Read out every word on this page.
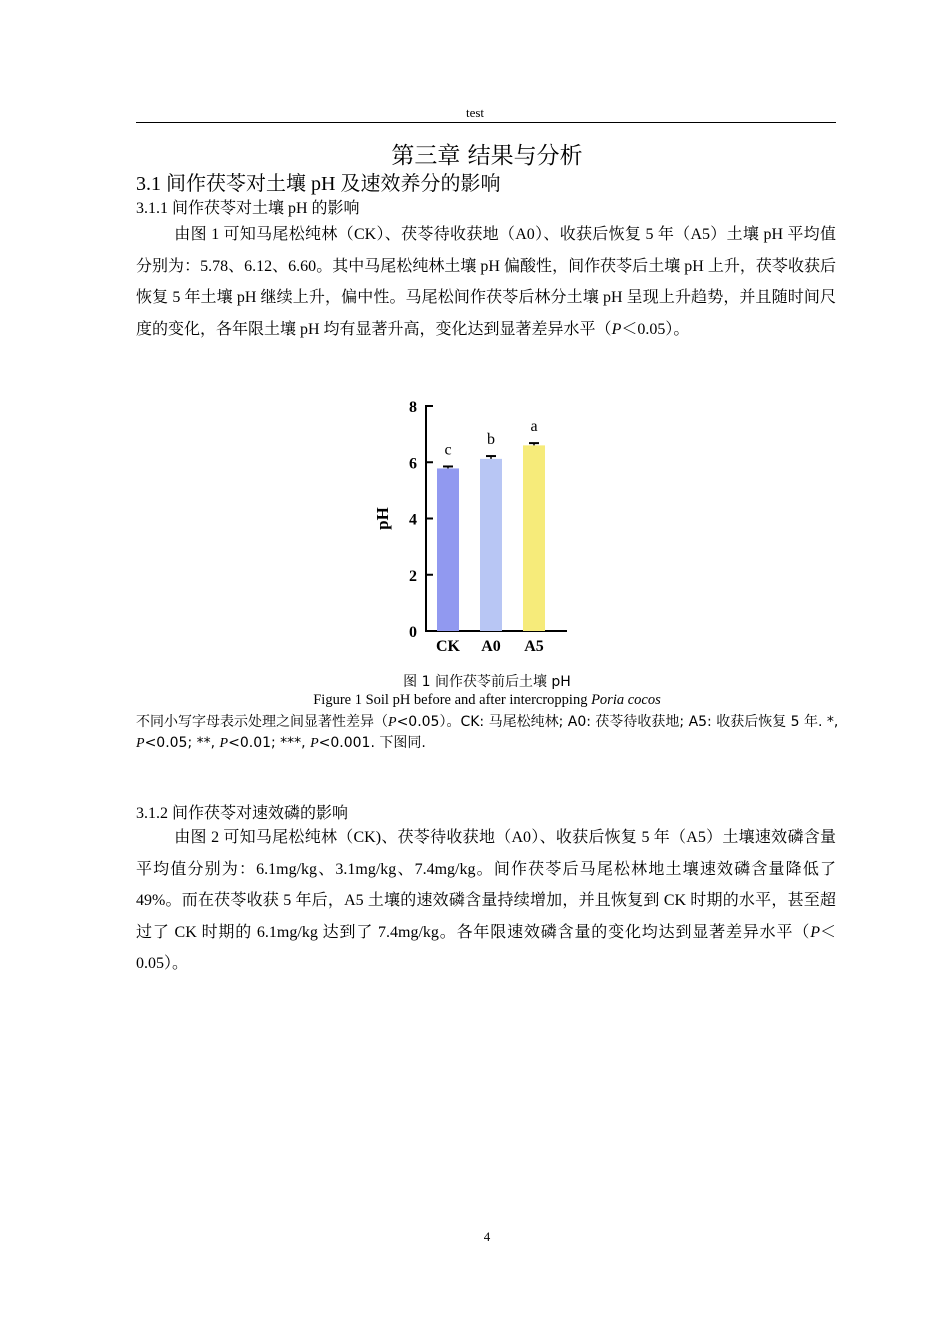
test
第三章 结果与分析
3.1 间作茯苓对土壤 pH 及速效养分的影响
3.1.1 间作茯苓对土壤 pH 的影响

由图 1 可知马尾松纯林（CK）、茯苓待收获地（A0）、收获后恢复 5 年（A5）土壤 pH 平均值分别为：5.78、6.12、6.60。其中马尾松纯林土壤 pH 偏酸性，间作茯苓后土壤 pH 上升，茯苓收获后恢复 5 年土壤 pH 继续上升，偏中性。马尾松间作茯苓后林分土壤 pH 呈现上升趋势，并且随时间尺度的变化，各年限土壤 pH 均有显著升高，变化达到显著差异水平（P＜0.05）。

0
2
4
6
8
pH
c
CK
b
A0
a
A5
图 1 间作茯苓前后土壤 pH
Figure 1 Soil pH before and after intercropping Poria cocos
不同小写字母表示处理之间显著性差异（P<0.05）。CK: 马尾松纯林; A0: 茯苓待收获地; A5: 收获后恢复 5 年. *, P<0.05; **, P<0.01; ***, P<0.001. 下图同.
3.1.2 间作茯苓对速效磷的影响

由图 2 可知马尾松纯林（CK)、茯苓待收获地（A0）、收获后恢复 5 年（A5）土壤速效磷含量平均值分别为：6.1mg/kg、3.1mg/kg、7.4mg/kg。间作茯苓后马尾松林地土壤速效磷含量降低了 49%。而在茯苓收获 5 年后，A5 土壤的速效磷含量持续增加，并且恢复到 CK 时期的水平，甚至超过了 CK 时期的 6.1mg/kg 达到了 7.4mg/kg。各年限速效磷含量的变化均达到显著差异水平（P＜0.05）。

4
